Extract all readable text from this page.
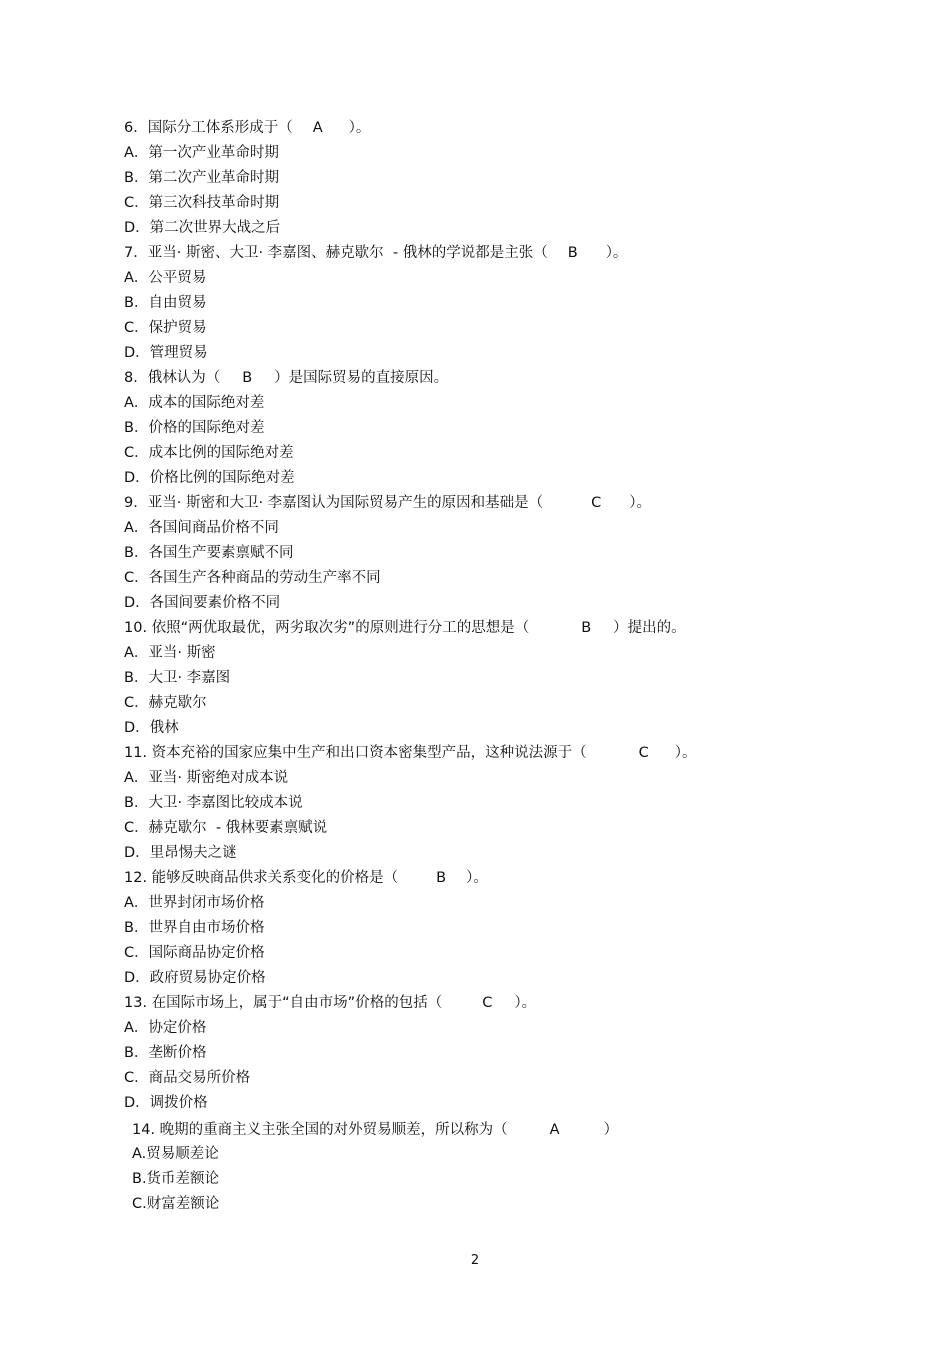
6．国际分工体系形成于（ A ）。
A．第一次产业革命时期
B．第二次产业革命时期
C．第三次科技革命时期
D．第二次世界大战之后
7．亚当· 斯密、大卫· 李嘉图、赫克歇尔  - 俄林的学说都是主张（ B ）。
A．公平贸易
B．自由贸易
C．保护贸易
D．管理贸易
8．俄林认为（ B ）是国际贸易的直接原因。
A．成本的国际绝对差
B．价格的国际绝对差
C．成本比例的国际绝对差
D．价格比例的国际绝对差
9．亚当· 斯密和大卫· 李嘉图认为国际贸易产生的原因和基础是（	C ）。
A．各国间商品价格不同
B．各国生产要素禀赋不同
C．各国生产各种商品的劳动生产率不同
D．各国间要素价格不同
10. 依照“两优取最优，两劣取次劣”的原则进行分工的思想是（	B ）提出的。
A．亚当· 斯密
B．大卫· 李嘉图
C．赫克歇尔
D．俄林
11. 资本充裕的国家应集中生产和出口资本密集型产品，这种说法源于（	C ）。
A．亚当· 斯密绝对成本说
B．大卫· 李嘉图比较成本说
C．赫克歇尔  - 俄林要素禀赋说
D．里昂惕夫之谜
12. 能够反映商品供求关系变化的价格是（	B ）。
A．世界封闭市场价格
B．世界自由市场价格
C．国际商品协定价格
D．政府贸易协定价格
13. 在国际市场上，属于“自由市场”价格的包括（	C ）。
A．协定价格
B．垄断价格
C．商品交易所价格
D．调拨价格
14. 晚期的重商主义主张全国的对外贸易顺差，所以称为（	A	）
A.贸易顺差论
B.货币差额论
C.财富差额论
2
